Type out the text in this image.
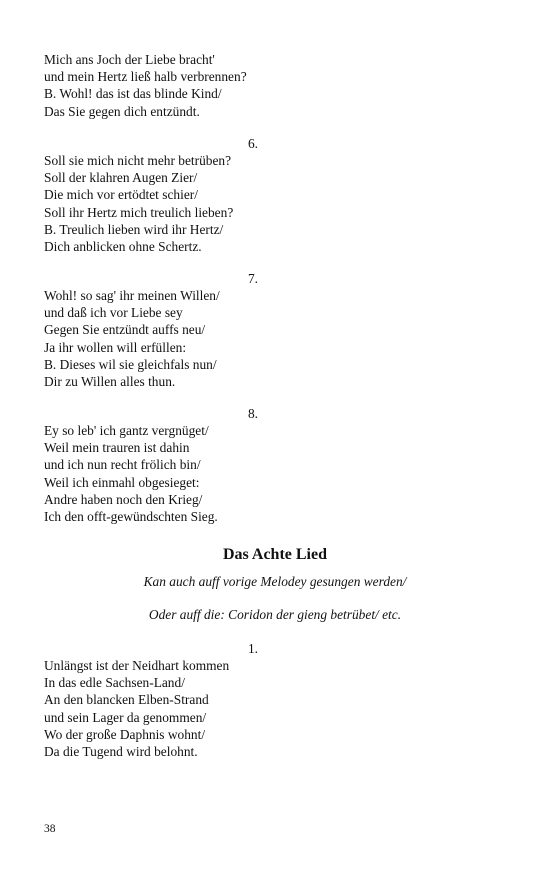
Mich ans Joch der Liebe bracht'
und mein Hertz ließ halb verbrennen?
B. Wohl! das ist das blinde Kind/
Das Sie gegen dich entzündt.
6.
Soll sie mich nicht mehr betrüben?
Soll der klahren Augen Zier/
Die mich vor ertödtet schier/
Soll ihr Hertz mich treulich lieben?
B. Treulich lieben wird ihr Hertz/
Dich anblicken ohne Schertz.
7.
Wohl! so sag' ihr meinen Willen/
und daß ich vor Liebe sey
Gegen Sie entzündt auffs neu/
Ja ihr wollen will erfüllen:
B. Dieses wil sie gleichfals nun/
Dir zu Willen alles thun.
8.
Ey so leb' ich gantz vergnüget/
Weil mein trauren ist dahin
und ich nun recht frölich bin/
Weil ich einmahl obgesieget:
Andre haben noch den Krieg/
Ich den offt-gewündschten Sieg.
Das Achte Lied
Kan auch auff vorige Melodey gesungen werden/
Oder auff die: Coridon der gieng betrübet/ etc.
1.
Unlängst ist der Neidhart kommen
In das edle Sachsen-Land/
An den blancken Elben-Strand
und sein Lager da genommen/
Wo der große Daphnis wohnt/
Da die Tugend wird belohnt.
38
